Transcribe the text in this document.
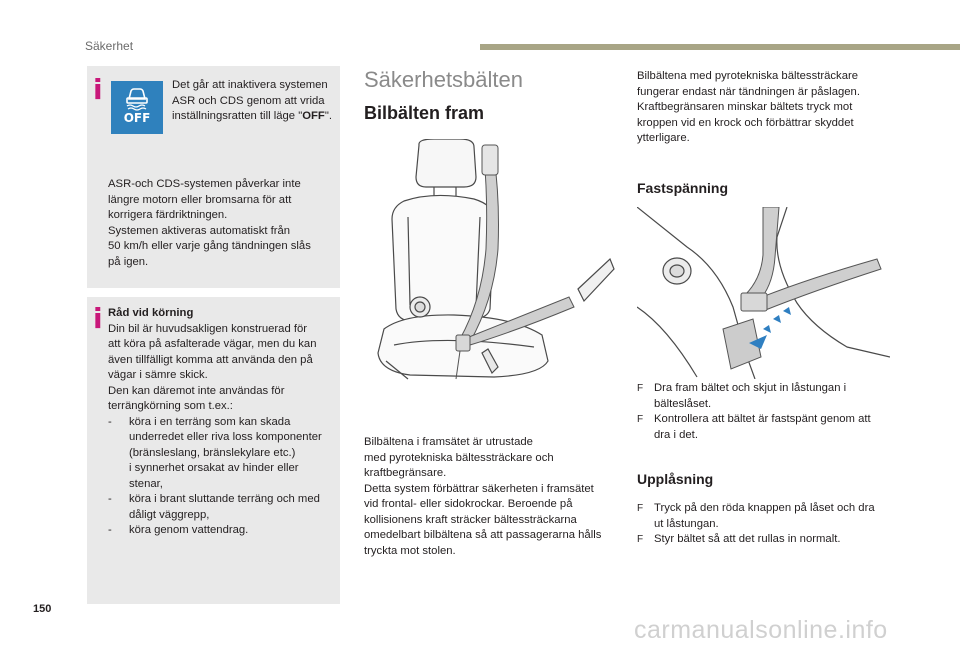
Säkerhet
i
OFF
Det går att inaktivera systemen ASR och CDS genom att vrida inställningsratten till läge "OFF".

ASR-och CDS-systemen påverkar inte

längre motorn eller bromsarna för att

korrigera färdriktningen.

Systemen aktiveras automatiskt från

50 km/h eller varje gång tändningen slås

på igen.

i Råd vid körning

Din bil är huvudsakligen konstruerad för

att köra på asfalterade vägar, men du kan

även tillfälligt komma att använda den på

vägar i sämre skick.

Den kan däremot inte användas för

terrängkörning som t.ex.:

- köra i en terräng som kan skada

underredet eller riva loss komponenter

(bränsleslang, bränslekylare etc.)

i synnerhet orsakat av hinder eller

stenar,

- köra i brant sluttande terräng och med

dåligt väggrepp,

- köra genom vattendrag.

Säkerhetsbälten
Bilbälten fram

Bilbältena i framsätet är utrustade

med pyrotekniska bältessträckare och

kraftbegränsare.

Detta system förbättrar säkerheten i framsätet

vid frontal- eller sidokrockar. Beroende på

kollisionens kraft sträcker bältessträckarna

omedelbart bilbältena så att passagerarna hålls

tryckta mot stolen.

Bilbältena med pyrotekniska bältessträckare

fungerar endast när tändningen är påslagen.

Kraftbegränsaren minskar bältets tryck mot

kroppen vid en krock och förbättrar skyddet

ytterligare.

Fastspänning
F Dra fram bältet och skjut in låstungan i

bälteslåset.

F Kontrollera att bältet är fastspänt genom att

dra i det.

Upplåsning
F Tryck på den röda knappen på låset och dra

ut låstungan.

F Styr bältet så att det rullas in normalt.

150
carmanualsonline.info
